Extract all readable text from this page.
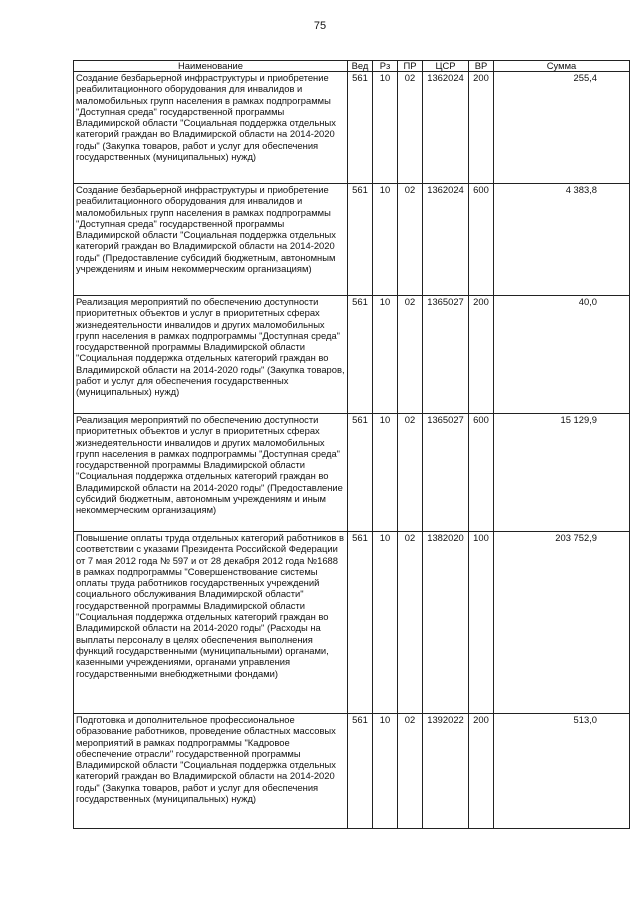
75
Наименование	Вед	Рз	ПР	ЦСР	ВР	Сумма
Создание безбарьерной инфраструктуры и приобретение реабилитационного оборудования для инвалидов и маломобильных групп населения в рамках подпрограммы "Доступная среда" государственной программы Владимирской области "Социальная поддержка отдельных категорий граждан во Владимирской области на 2014-2020 годы" (Закупка товаров, работ и услуг для обеспечения государственных (муниципальных) нужд)	561	10	02	1362024	200	255,4
Создание безбарьерной инфраструктуры и приобретение реабилитационного оборудования для инвалидов и маломобильных групп населения в рамках подпрограммы "Доступная среда" государственной программы Владимирской области "Социальная поддержка отдельных категорий граждан во Владимирской области на 2014-2020 годы" (Предоставление субсидий бюджетным, автономным учреждениям и иным некоммерческим организациям)	561	10	02	1362024	600	4 383,8
Реализация мероприятий по обеспечению доступности приоритетных объектов и услуг в приоритетных сферах жизнедеятельности инвалидов и других маломобильных групп населения в рамках подпрограммы "Доступная среда" государственной программы Владимирской области "Социальная поддержка отдельных категорий граждан во Владимирской области на 2014-2020 годы" (Закупка товаров, работ и услуг для обеспечения государственных (муниципальных) нужд)	561	10	02	1365027	200	40,0
Реализация мероприятий по обеспечению доступности приоритетных объектов и услуг в приоритетных сферах жизнедеятельности инвалидов и других маломобильных групп населения в рамках подпрограммы "Доступная среда" государственной программы Владимирской области "Социальная поддержка отдельных категорий граждан во Владимирской области на 2014-2020 годы" (Предоставление субсидий бюджетным, автономным учреждениям и иным некоммерческим организациям)	561	10	02	1365027	600	15 129,9
Повышение оплаты труда отдельных категорий работников в соответствии с указами Президента Российской Федерации от 7 мая 2012 года № 597 и от 28 декабря 2012 года №1688 в рамках подпрограммы "Совершенствование системы оплаты труда работников государственных учреждений социального обслуживания Владимирской области" государственной программы Владимирской области "Социальная поддержка отдельных категорий граждан во Владимирской области на 2014-2020 годы" (Расходы на выплаты персоналу в целях обеспечения выполнения функций государственными (муниципальными) органами, казенными учреждениями, органами управления государственными внебюджетными фондами)	561	10	02	1382020	100	203 752,9
Подготовка и дополнительное профессиональное образование работников, проведение областных массовых мероприятий в рамках подпрограммы "Кадровое обеспечение отрасли" государственной программы Владимирской области "Социальная поддержка отдельных категорий граждан во Владимирской области на 2014-2020 годы" (Закупка товаров, работ и услуг для обеспечения государственных (муниципальных) нужд)	561	10	02	1392022	200	513,0
